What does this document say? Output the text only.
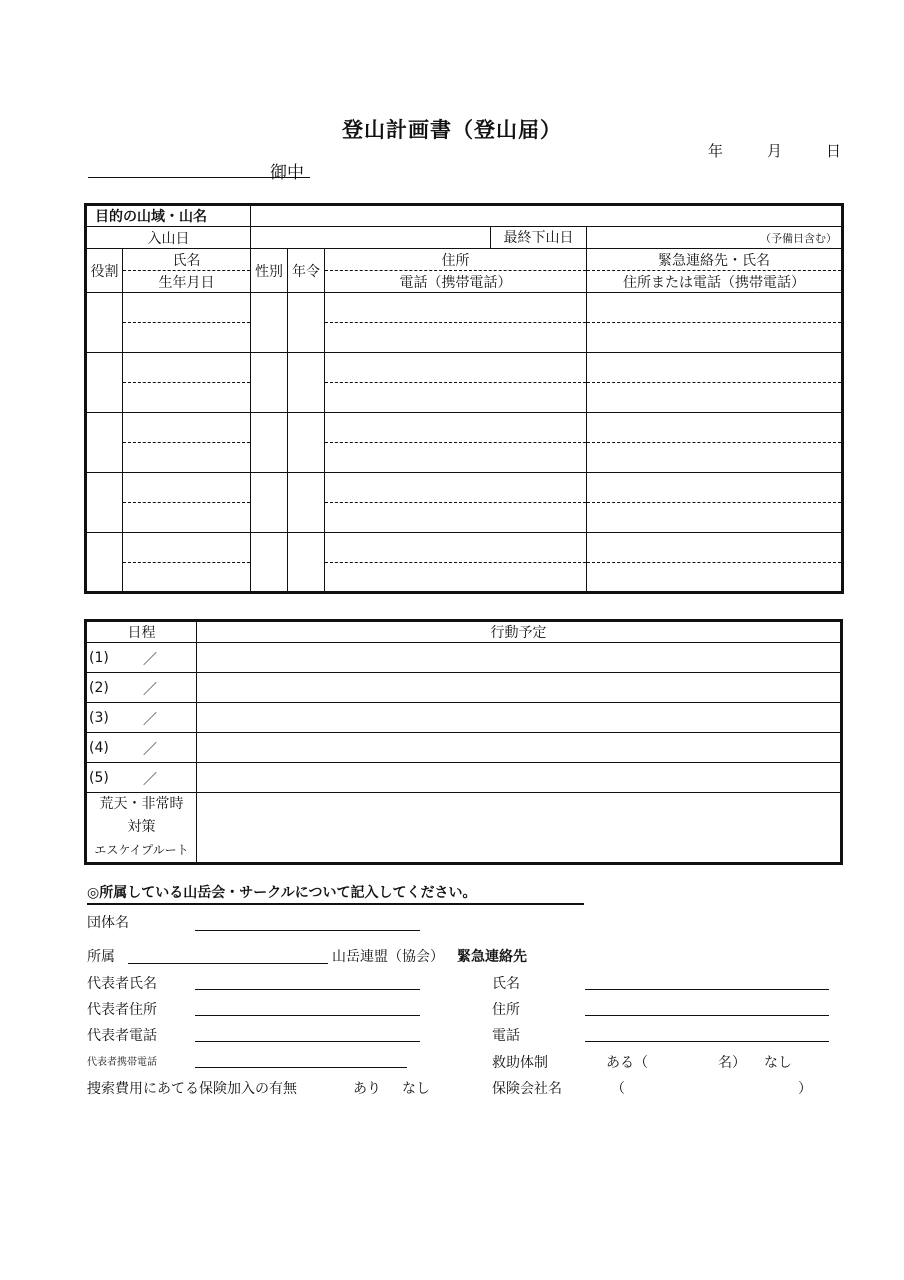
登山計画書（登山届）
年	月	日
御中
目的の山域・山名					
入山日		最終下山日			（予備日含む）
役割	氏名	性別	年令	住所	緊急連絡先・氏名
	生年月日			電話（携帯電話）	住所または電話（携帯電話）

日程	行動予定

(1) ／	

(2) ／	

(3) ／	

(4) ／	

(5) ／	

荒天・非常時
対策
エスケイプルート	

◎所属している山岳会・サークルについて記入してください。
団体名
所属	山岳連盟（協会） 緊急連絡先
代表者氏名	氏名
代表者住所	住所
代表者電話	電話
代表者携帯電話	救助体制	ある（	名） なし
捜索費用にあてる保険加入の有無	あり なし	保険会社名	（	）
